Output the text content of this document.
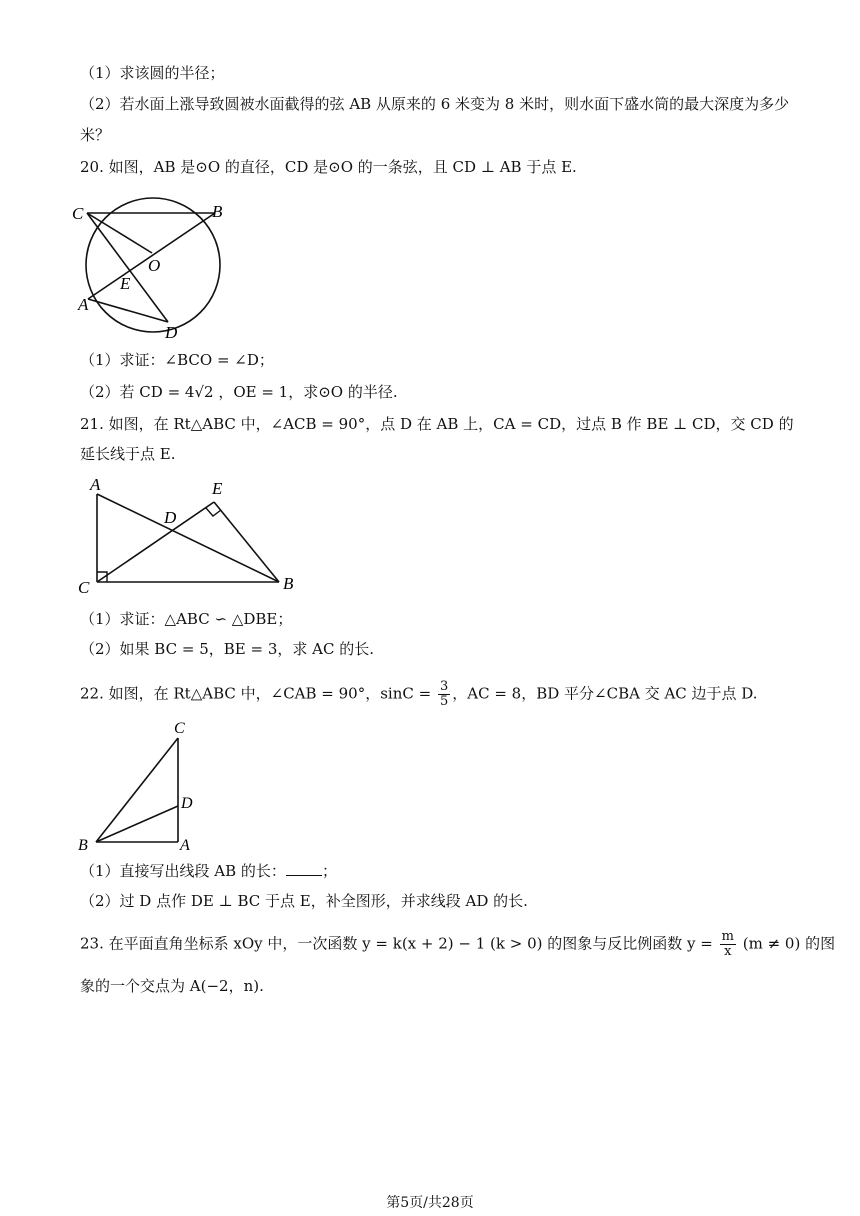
（1）求该圆的半径；
（2）若水面上涨导致圆被水面截得的弦 AB 从原来的 6 米变为 8 米时，则水面下盛水筒的最大深度为多少
米？
20. 如图，AB 是⊙O 的直径，CD 是⊙O 的一条弦，且 CD ⊥ AB 于点 E.
C	B
O
E
A
D
（1）求证：∠BCO = ∠D；
（2）若 CD = 4√2 ，OE = 1，求⊙O 的半径.
21. 如图，在 Rt△ABC 中，∠ACB = 90°，点 D 在 AB 上，CA = CD，过点 B 作 BE ⊥ CD，交 CD 的
延长线于点 E.
A	E
D
C	B
（1）求证：△ABC ∽ △DBE；
（2）如果 BC = 5，BE = 3，求 AC 的长.
22. 如图，在 Rt△ABC 中，∠CAB = 90°，$\sin C = \frac{3}{5}$ ，AC = 8，BD 平分∠CBA 交 AC 边于点 D.
C
D
B	A
（1）直接写出线段 AB 的长： ；
（2）过 D 点作 DE ⊥ BC 于点 E，补全图形，并求线段 AD 的长.
23. 在平面直角坐标系 xOy 中，一次函数 y = k(x + 2) − 1 (k > 0) 的图象与反比例函数 $y = \frac{m}{x} (m \ne 0)$ 的图
象的一个交点为 A(−2，n).
第5页/共28页
